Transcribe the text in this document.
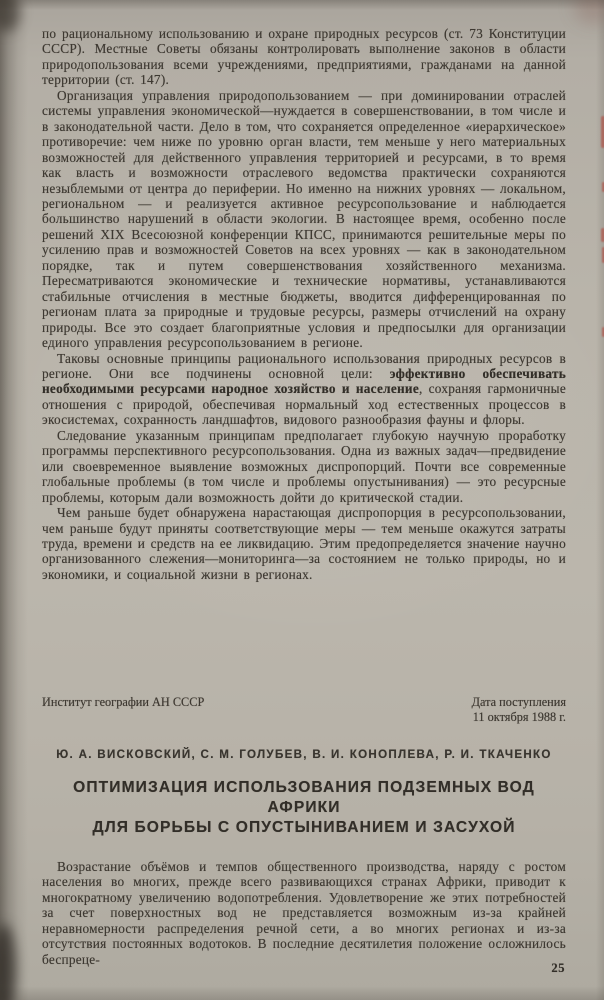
по рациональному использованию и охране природных ресурсов (ст. 73 Конституции СССР). Местные Советы обязаны контролировать выполнение законов в области природопользования всеми учреждениями, предприятиями, гражданами на данной территории (ст. 147).

Организация управления природопользованием — при доминировании отраслей системы управления экономической—нуждается в совершенствовании, в том числе и в законодательной части. Дело в том, что сохраняется определенное «иерархическое» противоречие: чем ниже по уровню орган власти, тем меньше у него материальных возможностей для действенного управления территорией и ресурсами, в то время как власть и возможности отраслевого ведомства практически сохраняются незыблемыми от центра до периферии. Но именно на нижних уровнях — локальном, региональном — и реализуется активное ресурсопользование и наблюдается большинство нарушений в области экологии. В настоящее время, особенно после решений XIX Всесоюзной конференции КПСС, принимаются решительные меры по усилению прав и возможностей Советов на всех уровнях — как в законодательном порядке, так и путем совершенствования хозяйственного механизма. Пересматриваются экономические и технические нормативы, устанавливаются стабильные отчисления в местные бюджеты, вводится дифференцированная по регионам плата за природные и трудовые ресурсы, размеры отчислений на охрану природы. Все это создает благоприятные условия и предпосылки для организации единого управления ресурсопользованием в регионе.

Таковы основные принципы рационального использования природных ресурсов в регионе. Они все подчинены основной цели: эффективно обеспечивать необходимыми ресурсами народное хозяйство и население, сохраняя гармоничные отношения с природой, обеспечивая нормальный ход естественных процессов в экосистемах, сохранность ландшафтов, видового разнообразия фауны и флоры.

Следование указанным принципам предполагает глубокую научную проработку программы перспективного ресурсопользования. Одна из важных задач—предвидение или своевременное выявление возможных диспропорций. Почти все современные глобальные проблемы (в том числе и проблемы опустынивания) — это ресурсные проблемы, которым дали возможность дойти до критической стадии.

Чем раньше будет обнаружена нарастающая диспропорция в ресурсопользовании, чем раньше будут приняты соответствующие меры — тем меньше окажутся затраты труда, времени и средств на ее ликвидацию. Этим предопределяется значение научно организованного слежения—мониторинга—за состоянием не только природы, но и экономики, и социальной жизни в регионах.

Институт географии АН СССР	Дата поступления
11 октября 1988 г.

Ю. А. ВИСКОВСКИЙ, С. М. ГОЛУБЕВ, В. И. КОНОПЛЕВА, Р. И. ТКАЧЕНКО

ОПТИМИЗАЦИЯ ИСПОЛЬЗОВАНИЯ ПОДЗЕМНЫХ ВОД АФРИКИ
ДЛЯ БОРЬБЫ С ОПУСТЫНИВАНИЕМ И ЗАСУХОЙ

Возрастание объёмов и темпов общественного производства, наряду с ростом населения во многих, прежде всего развивающихся странах Африки, приводит к многократному увеличению водопотребления. Удовлетворение же этих потребностей за счет поверхностных вод не представляется возможным из-за крайней неравномерности распределения речной сети, а во многих регионах и из-за отсутствия постоянных водотоков. В последние десятилетия положение осложнилось беспреце-

25
